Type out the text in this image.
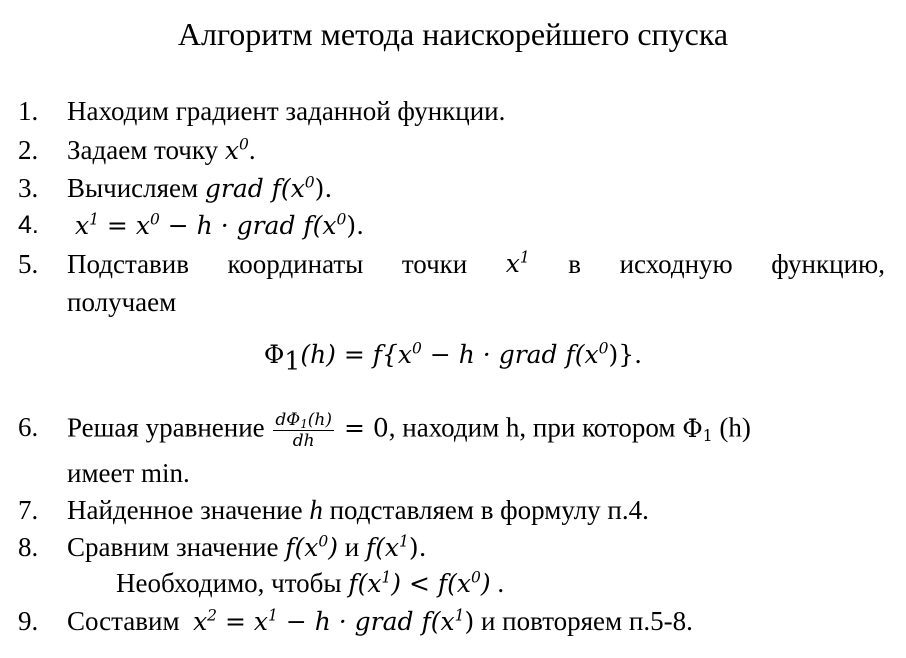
Алгоритм метода наискорейшего спуска
1. Находим градиент заданной функции.
2. Задаем точку $x^0$.
3. Вычисляем grad $f(x^0)$.
4. $x^1 = x^0 - h$ · grad $f(x^0)$.
5. Подставив координаты точки $x^1$ в исходную функцию,
получаем
$\Phi_1(h) = f\{x^0 - h$ · grad $f(x^0)$}.
6. Решая уравнение $\frac{d\Phi_1(h)}{dh} = 0$, находим h, при котором $\Phi_1$ (h)
имеет min.
7. Найденное значение h подставляем в формулу п.4.
8. Сравним значение $f(x^0)$ и $f(x^1)$.
Необходимо, чтобы $f(x^1) < f(x^0)$ .
9. Составим $x^2 = x^1 - h$ · grad $f(x^1)$ и повторяем п.5-8.
